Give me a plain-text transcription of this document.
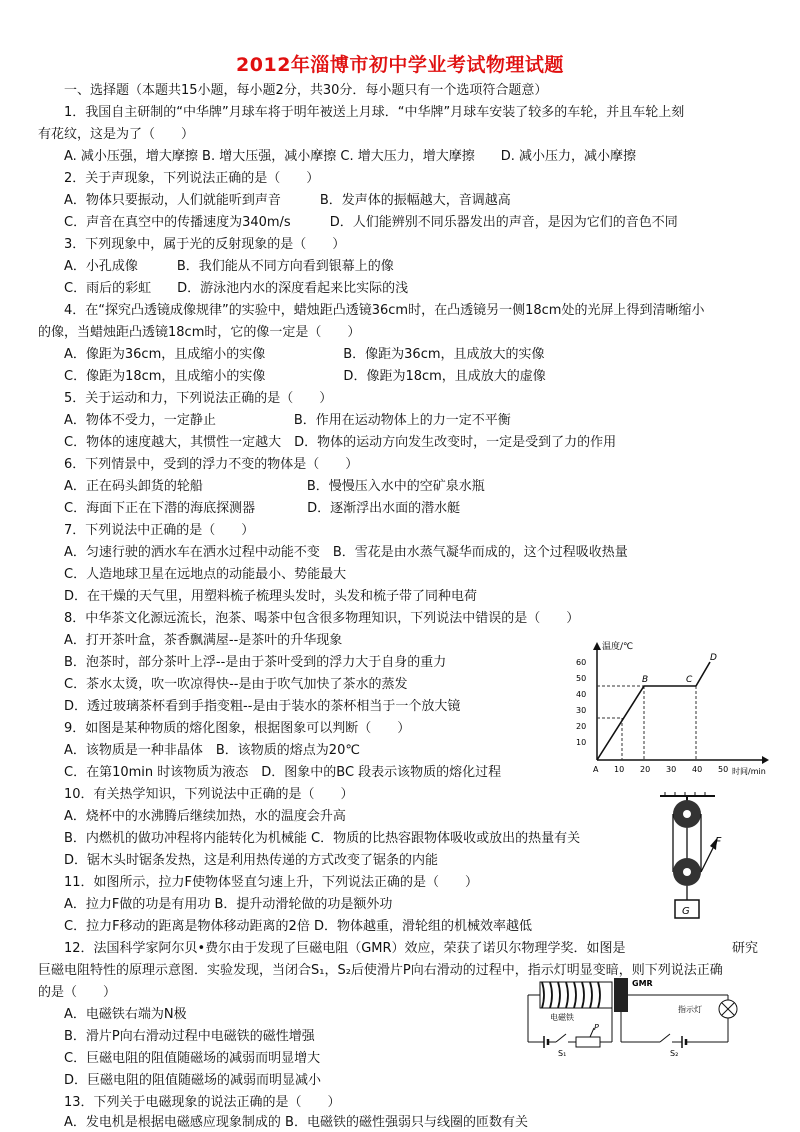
2012年淄博市初中学业考试物理试题
一、选择题（本题共15小题，每小题2分，共30分．每小题只有一个选项符合题意）
1．我国自主研制的“中华牌”月球车将于明年被送上月球．“中华牌”月球车安装了较多的车轮，并且车轮上刻
有花纹，这是为了（　　）
A. 减小压强，增大摩擦 B. 增大压强，减小摩擦 C. 增大压力，增大摩擦　　D. 减小压力，减小摩擦
2．关于声现象，下列说法正确的是（　　）
A．物体只要振动，人们就能听到声音　　　B．发声体的振幅越大，音调越高
C．声音在真空中的传播速度为340m/s　　　D．人们能辨别不同乐器发出的声音，是因为它们的音色不同
3．下列现象中，属于光的反射现象的是（　　）
A．小孔成像　　　B．我们能从不同方向看到银幕上的像
C．雨后的彩虹　　D．游泳池内水的深度看起来比实际的浅
4．在“探究凸透镜成像规律”的实验中，蜡烛距凸透镜36cm时，在凸透镜另一侧18cm处的光屏上得到清晰缩小
的像，当蜡烛距凸透镜18cm时，它的像一定是（　　）
A．像距为36cm，且成缩小的实像　　　　　　B．像距为36cm，且成放大的实像
C．像距为18cm，且成缩小的实像　　　　　　D．像距为18cm，且成放大的虚像
5．关于运动和力，下列说法正确的是（　　）
A．物体不受力，一定静止　　　　　　B．作用在运动物体上的力一定不平衡
C．物体的速度越大，其惯性一定越大　D．物体的运动方向发生改变时，一定是受到了力的作用
6．下列情景中，受到的浮力不变的物体是（　　）
A．正在码头卸货的轮船　　　　　　　　B．慢慢压入水中的空矿泉水瓶
C．海面下正在下潜的海底探测器　　　　D．逐渐浮出水面的潜水艇
7．下列说法中正确的是（　　）
A．匀速行驶的洒水车在洒水过程中动能不变　B．雪花是由水蒸气凝华而成的，这个过程吸收热量
C．人造地球卫星在远地点的动能最小、势能最大
D．在干燥的天气里，用塑料梳子梳理头发时，头发和梳子带了同种电荷
8．中华茶文化源远流长，泡茶、喝茶中包含很多物理知识，下列说法中错误的是（　　）
A．打开茶叶盒，茶香飘满屋--是茶叶的升华现象
B．泡茶时，部分茶叶上浮--是由于茶叶受到的浮力大于自身的重力
C．茶水太烫，吹一吹凉得快--是由于吹气加快了茶水的蒸发
D．透过玻璃茶杯看到手指变粗--是由于装水的茶杯相当于一个放大镜
9．如图是某种物质的熔化图象，根据图象可以判断（　　）
A．该物质是一种非晶体　B．该物质的熔点为20℃
C．在第10min 时该物质为液态　D．图象中的BC 段表示该物质的熔化过程
10．有关热学知识，下列说法中正确的是（　　）
A．烧杯中的水沸腾后继续加热，水的温度会升高
B．内燃机的做功冲程将内能转化为机械能 C．物质的比热容跟物体吸收或放出的热量有关
D．锯木头时锯条发热，这是利用热传递的方式改变了锯条的内能
11．如图所示，拉力F使物体竖直匀速上升，下列说法正确的是（　　）
A．拉力F做的功是有用功 B．提升动滑轮做的功是额外功
C．拉力F移动的距离是物体移动距离的2倍 D．物体越重，滑轮组的机械效率越低
12．法国科学家阿尔贝•费尔由于发现了巨磁电阻（GMR）效应，荣获了诺贝尔物理学奖．如图是	研究
巨磁电阻特性的原理示意图．实验发现，当闭合S₁，S₂后使滑片P向右滑动的过程中，指示灯明显变暗，则下列说法正确
的是（　　）
A．电磁铁右端为N极
B．滑片P向右滑动过程中电磁铁的磁性增强
C．巨磁电阻的阻值随磁场的减弱而明显增大
D．巨磁电阻的阻值随磁场的减弱而明显减小
13．下列关于电磁现象的说法正确的是（　　）
A．发电机是根据电磁感应现象制成的 B．电磁铁的磁性强弱只与线圈的匝数有关
温度/℃
时间/min
60
50
40
30
20
10
A 10 20 30 40 50
B	C
D
F
G
电磁铁
S₁
P
GMR
S₂
指示灯
